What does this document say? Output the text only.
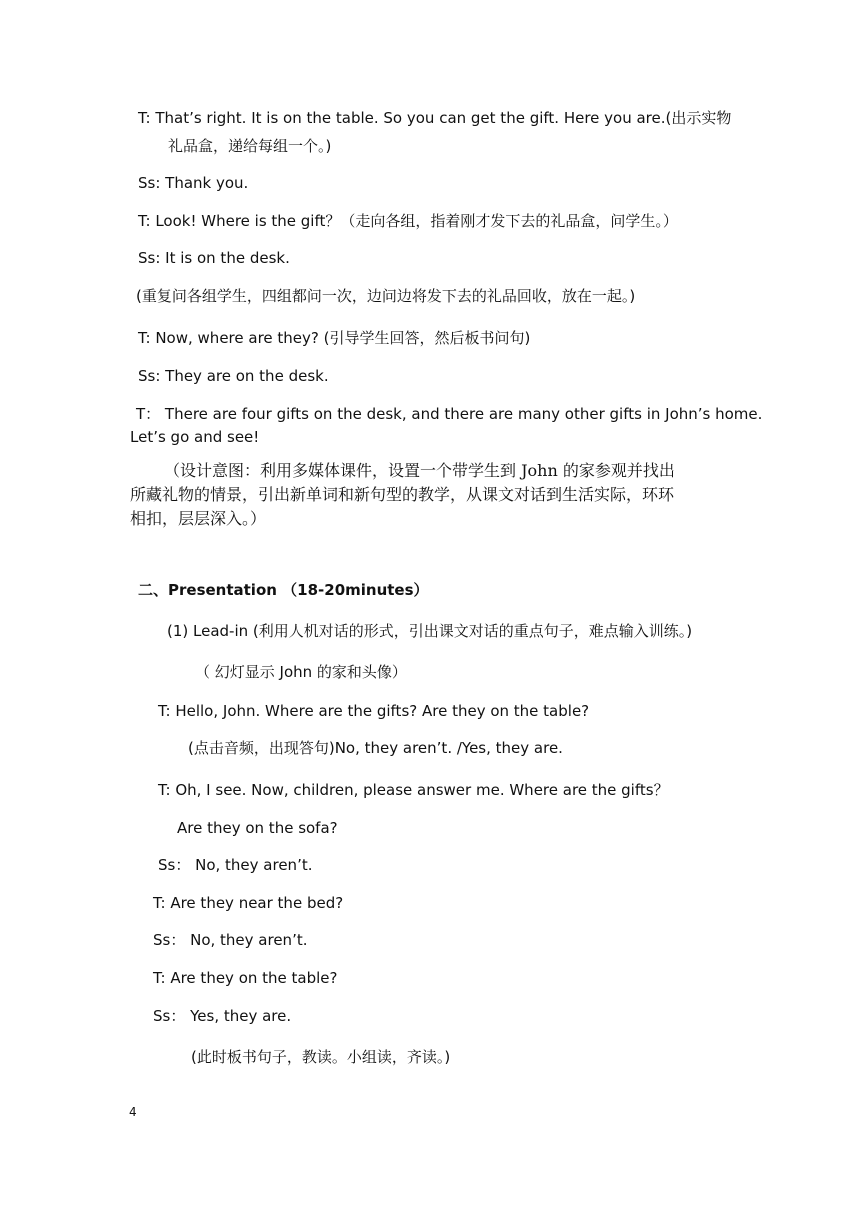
T: That’s right. It is on the table. So you can get the gift. Here you are.(出示实物
礼品盒，递给每组一个。)
Ss: Thank you.
T: Look! Where is the gift？（走向各组，指着刚才发下去的礼品盒，问学生。）
Ss: It is on the desk.
(重复问各组学生，四组都问一次，边问边将发下去的礼品回收，放在一起。)
T: Now, where are they? (引导学生回答，然后板书问句)
Ss: They are on the desk.
T： There are four gifts on the desk, and there are many other gifts in John’s home.
Let’s go and see!
（设计意图：利用多媒体课件，设置一个带学生到 John 的家参观并找出
所藏礼物的情景，引出新单词和新句型的教学，从课文对话到生活实际，环环
相扣，层层深入。）
二、Presentation （18-20minutes）
(1) Lead-in (利用人机对话的形式，引出课文对话的重点句子，难点输入训练。)
（ 幻灯显示 John 的家和头像）
T: Hello, John. Where are the gifts? Are they on the table?
(点击音频，出现答句)No, they aren’t. /Yes, they are.
T: Oh, I see. Now, children, please answer me. Where are the gifts？
Are they on the sofa?
Ss： No, they aren’t.
T: Are they near the bed?
Ss： No, they aren’t.
T: Are they on the table?
Ss： Yes, they are.
(此时板书句子，教读。小组读，齐读。)
4
